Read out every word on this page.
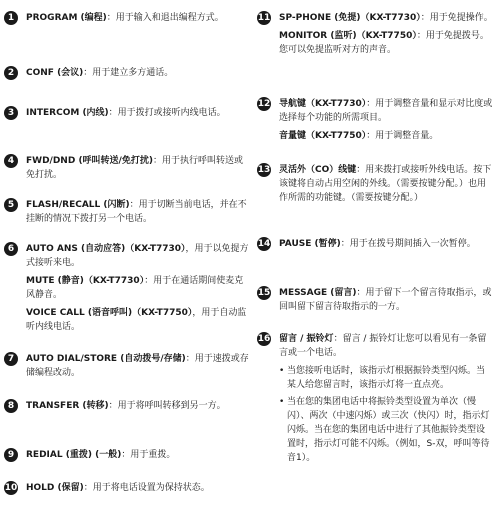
1	PROGRAM (编程)：用于输入和退出编程方式。
2	CONF (会议)：用于建立多方通话。
3	INTERCOM (内线)：用于拨打或接听内线电话。
4	FWD/DND (呼叫转送/免打扰)：用于执行呼叫转送或免打扰。
5	FLASH/RECALL (闪断)：用于切断当前电话，并在不挂断的情况下拨打另一个电话。
6	AUTO ANS (自动应答)（KX-T7730），用于以免提方式接听来电。
MUTE (静音)（KX-T7730）：用于在通话期间使麦克风静音。
VOICE CALL (语音呼叫)（KX-T7750），用于自动监听内线电话。
7	AUTO DIAL/STORE (自动拨号/存储)：用于速拨或存储编程改动。
8	TRANSFER (转移)：用于将呼叫转移到另一方。
9	REDIAL (重拨) (一般)：用于重拨。
10 HOLD (保留)：用于将电话设置为保持状态。
11 SP-PHONE (免提)（KX-T7730）：用于免提操作。
MONITOR (监听)（KX-T7750）：用于免提拨号。您可以免提监听对方的声音。
12 导航键（KX-T7730）：用于调整音量和显示对比度或选择每个功能的所需项目。
音量键（KX-T7750）：用于调整音量。
13 灵活外（CO）线键：用来拨打或接听外线电话。按下该键将自动占用空闲的外线。（需要按键分配。）也用作所需的功能键。（需要按键分配。）
14 PAUSE (暂停)：用于在拨号期间插入一次暂停。
15 MESSAGE (留言)：用于留下一个留言待取指示，或回叫留下留言待取指示的一方。
16 留言 / 振铃灯：留言 / 振铃灯让您可以看见有一条留言或一个电话。
• 当您接听电话时，该指示灯根据振铃类型闪烁。当某人给您留言时，该指示灯将一直点亮。
• 当在您的集团电话中将振铃类型设置为单次（慢闪）、两次（中速闪烁）或三次（快闪）时，指示灯闪烁。当在您的集团电话中进行了其他振铃类型设置时，指示灯可能不闪烁。（例如，S-双，呼叫等待音1）。
